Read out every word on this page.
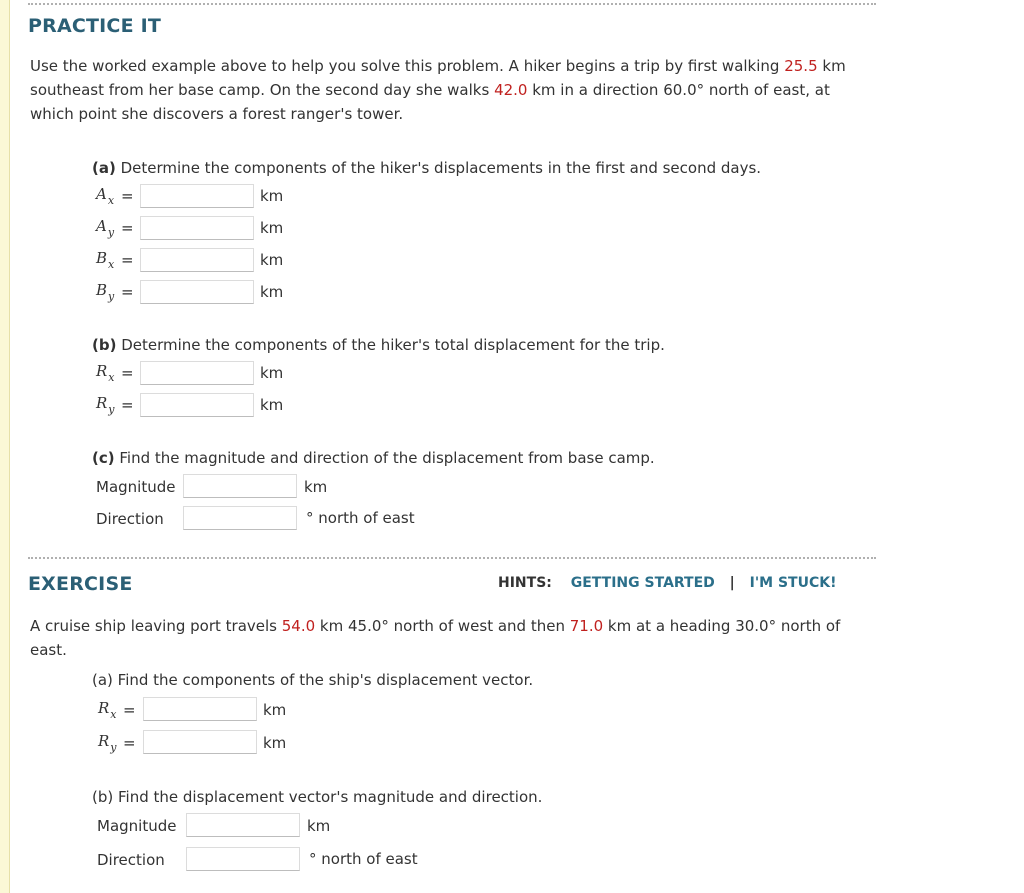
PRACTICE IT
Use the worked example above to help you solve this problem. A hiker begins a trip by first walking 25.5 km southeast from her base camp. On the second day she walks 42.0 km in a direction 60.0° north of east, at which point she discovers a forest ranger's tower.
(a) Determine the components of the hiker's displacements in the first and second days.
$A_x$ =	km
$A_y$ =	km
$B_x$ =	km
$B_y$ =	km
(b) Determine the components of the hiker's total displacement for the trip.
$R_x$ =	km
$R_y$ =	km
(c) Find the magnitude and direction of the displacement from base camp.
Magnitude	km
Direction	° north of east
EXERCISE	HINTS: GETTING STARTED | I'M STUCK!
A cruise ship leaving port travels 54.0 km 45.0° north of west and then 71.0 km at a heading 30.0° north of east.
(a) Find the components of the ship's displacement vector.
$R_x$ =	km
$R_y$ =	km
(b) Find the displacement vector's magnitude and direction.
Magnitude	km
Direction	° north of east
